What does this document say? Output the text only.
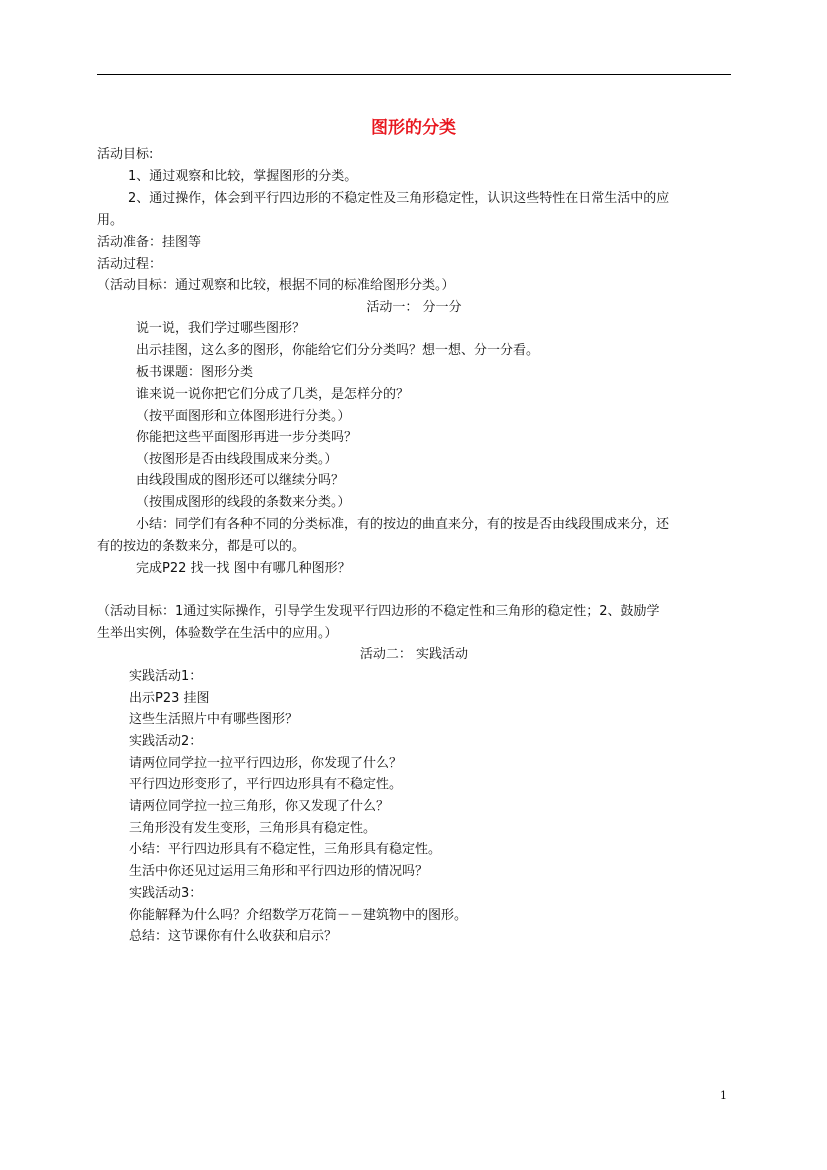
图形的分类
活动目标:
1、通过观察和比较，掌握图形的分类。
2、通过操作，体会到平行四边形的不稳定性及三角形稳定性，认识这些特性在日常生活中的应
用。
活动准备：挂图等
活动过程：
（活动目标：通过观察和比较，根据不同的标准给图形分类。）
活动一： 分一分
说一说，我们学过哪些图形？
出示挂图，这么多的图形，你能给它们分分类吗？想一想、分一分看。
板书课题：图形分类
谁来说一说你把它们分成了几类，是怎样分的？
（按平面图形和立体图形进行分类。）
你能把这些平面图形再进一步分类吗？
（按图形是否由线段围成来分类。）
由线段围成的图形还可以继续分吗？
（按围成图形的线段的条数来分类。）
小结：同学们有各种不同的分类标准，有的按边的曲直来分，有的按是否由线段围成来分，还
有的按边的条数来分，都是可以的。
完成P22 找一找 图中有哪几种图形？
（活动目标：1通过实际操作，引导学生发现平行四边形的不稳定性和三角形的稳定性；2、鼓励学
生举出实例，体验数学在生活中的应用。）
活动二： 实践活动
实践活动1：
出示P23 挂图
这些生活照片中有哪些图形？
实践活动2：
请两位同学拉一拉平行四边形，你发现了什么？
平行四边形变形了，平行四边形具有不稳定性。
请两位同学拉一拉三角形，你又发现了什么？
三角形没有发生变形，三角形具有稳定性。
小结：平行四边形具有不稳定性，三角形具有稳定性。
生活中你还见过运用三角形和平行四边形的情况吗？
实践活动3：
你能解释为什么吗？介绍数学万花筒－－建筑物中的图形。
总结：这节课你有什么收获和启示？
1
